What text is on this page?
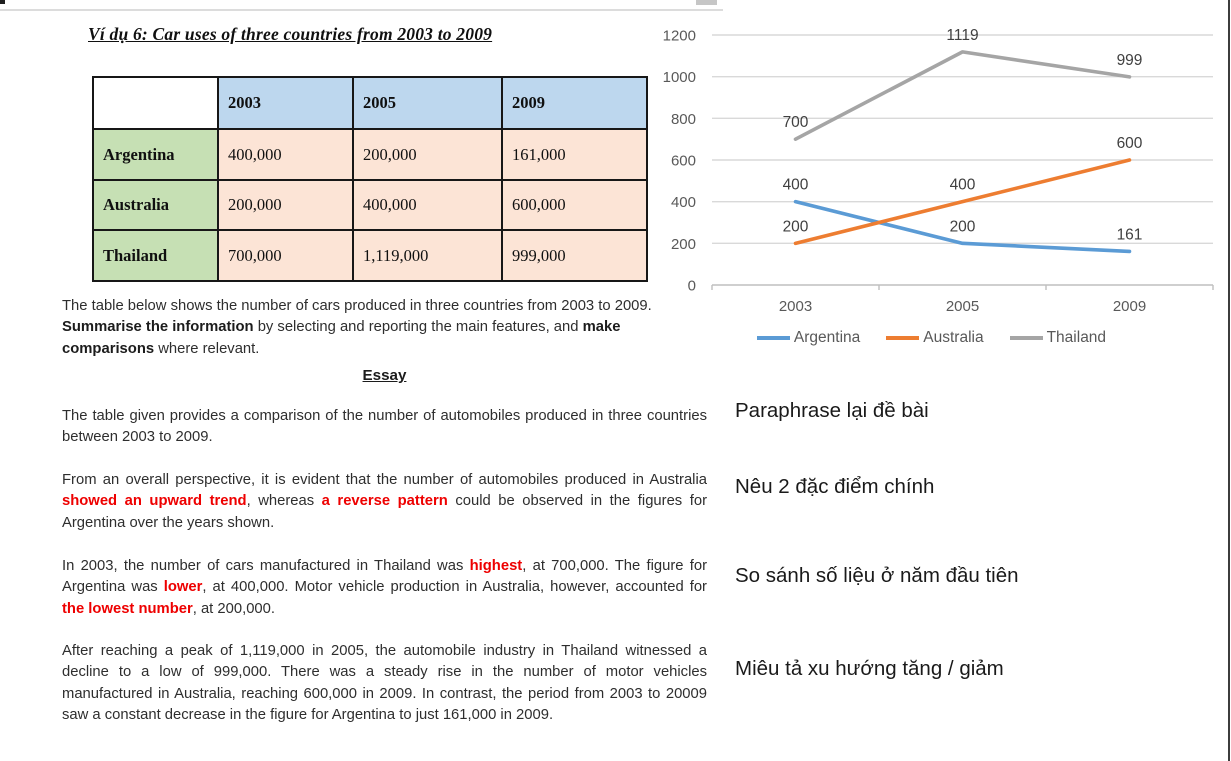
Ví dụ 6: Car uses of three countries from 2003 to 2009
	2003	2005	2009
Argentina	400,000	200,000	161,000
Australia	200,000	400,000	600,000
Thailand	700,000	1,119,000	999,000
The table below shows the number of cars produced in three countries from 2003 to 2009. Summarise the information by selecting and reporting the main features, and make comparisons where relevant.
Essay
The table given provides a comparison of the number of automobiles produced in three countries between 2003 to 2009.
From an overall perspective, it is evident that the number of automobiles produced in Australia showed an upward trend, whereas a reverse pattern could be observed in the figures for Argentina over the years shown.
In 2003, the number of cars manufactured in Thailand was highest, at 700,000. The figure for Argentina was lower, at 400,000. Motor vehicle production in Australia, however, accounted for the lowest number, at 200,000.
After reaching a peak of 1,119,000 in 2005, the automobile industry in Thailand witnessed a decline to a low of 999,000. There was a steady rise in the number of motor vehicles manufactured in Australia, reaching 600,000 in 2009. In contrast, the period from 2003 to 20009 saw a constant decrease in the figure for Argentina to just 161,000 in 2009.
0
200
400
600
800
1000
1200
2003	2005	2009
400
200	161
200
400
600
700
1119
999
Argentina	Australia	Thailand
Paraphrase lại đề bài
Nêu 2 đặc điểm chính
So sánh số liệu ở năm đầu tiên
Miêu tả xu hướng tăng / giảm
